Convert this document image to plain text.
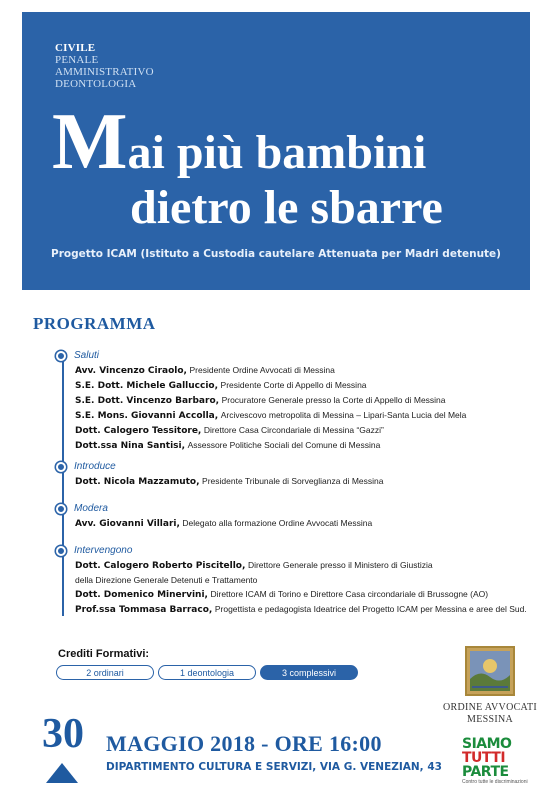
CIVILE
PENALE
AMMINISTRATIVO
DEONTOLOGIA
Mai più bambini
dietro le sbarre
Progetto ICAM (Istituto a Custodia cautelare Attenuata per Madri detenute)
PROGRAMMA
Saluti
Avv. Vincenzo Ciraolo, Presidente Ordine Avvocati di Messina
S.E. Dott. Michele Galluccio, Presidente Corte di Appello di Messina
S.E. Dott. Vincenzo Barbaro, Procuratore Generale presso la Corte di Appello di Messina
S.E. Mons. Giovanni Accolla, Arcivescovo metropolita di Messina – Lipari-Santa Lucia del Mela
Dott. Calogero Tessitore, Direttore Casa Circondariale di Messina “Gazzi”
Dott.ssa Nina Santisi, Assessore Politiche Sociali del Comune di Messina
Introduce
Dott. Nicola Mazzamuto, Presidente Tribunale di Sorveglianza di Messina
Modera
Avv. Giovanni Villari, Delegato alla formazione Ordine Avvocati Messina
Intervengono
Dott. Calogero Roberto Piscitello, Direttore Generale presso il Ministero di Giustizia
della Direzione Generale Detenuti e Trattamento
Dott. Domenico Minervini, Direttore ICAM di Torino e Direttore Casa circondariale di Brussogne (AO)
Prof.ssa Tommasa Barraco, Progettista e pedagogista Ideatrice del Progetto ICAM per Messina e aree del Sud.
Crediti Formativi:
2 ordinari	1 deontologia	3 complessivi
30 MAGGIO 2018 - ORE 16:00
DIPARTIMENTO CULTURA E SERVIZI, VIA G. VENEZIAN, 43
ORDINE AVVOCATI
MESSINA
SIAMO
TUTTI
PARTE
Contro tutte le discriminazioni
